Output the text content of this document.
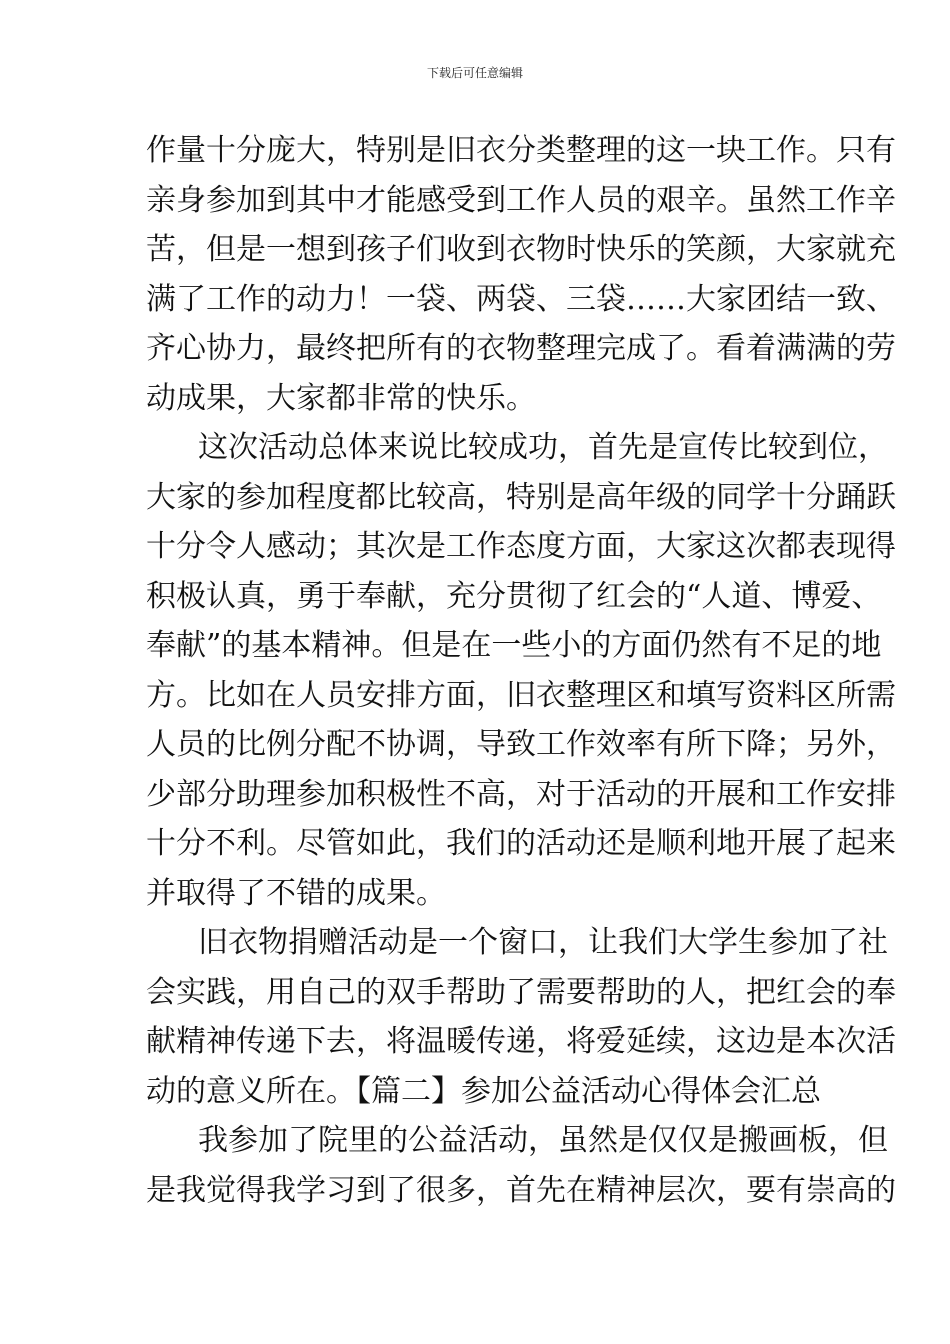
下载后可任意编辑
作量十分庞大，特别是旧衣分类整理的这一块工作。只有
亲身参加到其中才能感受到工作人员的艰辛。虽然工作辛
苦，但是一想到孩子们收到衣物时快乐的笑颜，大家就充
满了工作的动力！一袋、两袋、三袋……大家团结一致、
齐心协力，最终把所有的衣物整理完成了。看着满满的劳
动成果，大家都非常的快乐。
这次活动总体来说比较成功，首先是宣传比较到位，
大家的参加程度都比较高，特别是高年级的同学十分踊跃
十分令人感动；其次是工作态度方面，大家这次都表现得
积极认真，勇于奉献，充分贯彻了红会的“人道、博爱、
奉献”的基本精神。但是在一些小的方面仍然有不足的地
方。比如在人员安排方面，旧衣整理区和填写资料区所需
人员的比例分配不协调，导致工作效率有所下降；另外，
少部分助理参加积极性不高，对于活动的开展和工作安排
十分不利。尽管如此，我们的活动还是顺利地开展了起来
并取得了不错的成果。
旧衣物捐赠活动是一个窗口，让我们大学生参加了社
会实践，用自己的双手帮助了需要帮助的人，把红会的奉
献精神传递下去，将温暖传递，将爱延续，这边是本次活
动的意义所在。【篇二】参加公益活动心得体会汇总
我参加了院里的公益活动，虽然是仅仅是搬画板，但
是我觉得我学习到了很多，首先在精神层次，要有崇高的
